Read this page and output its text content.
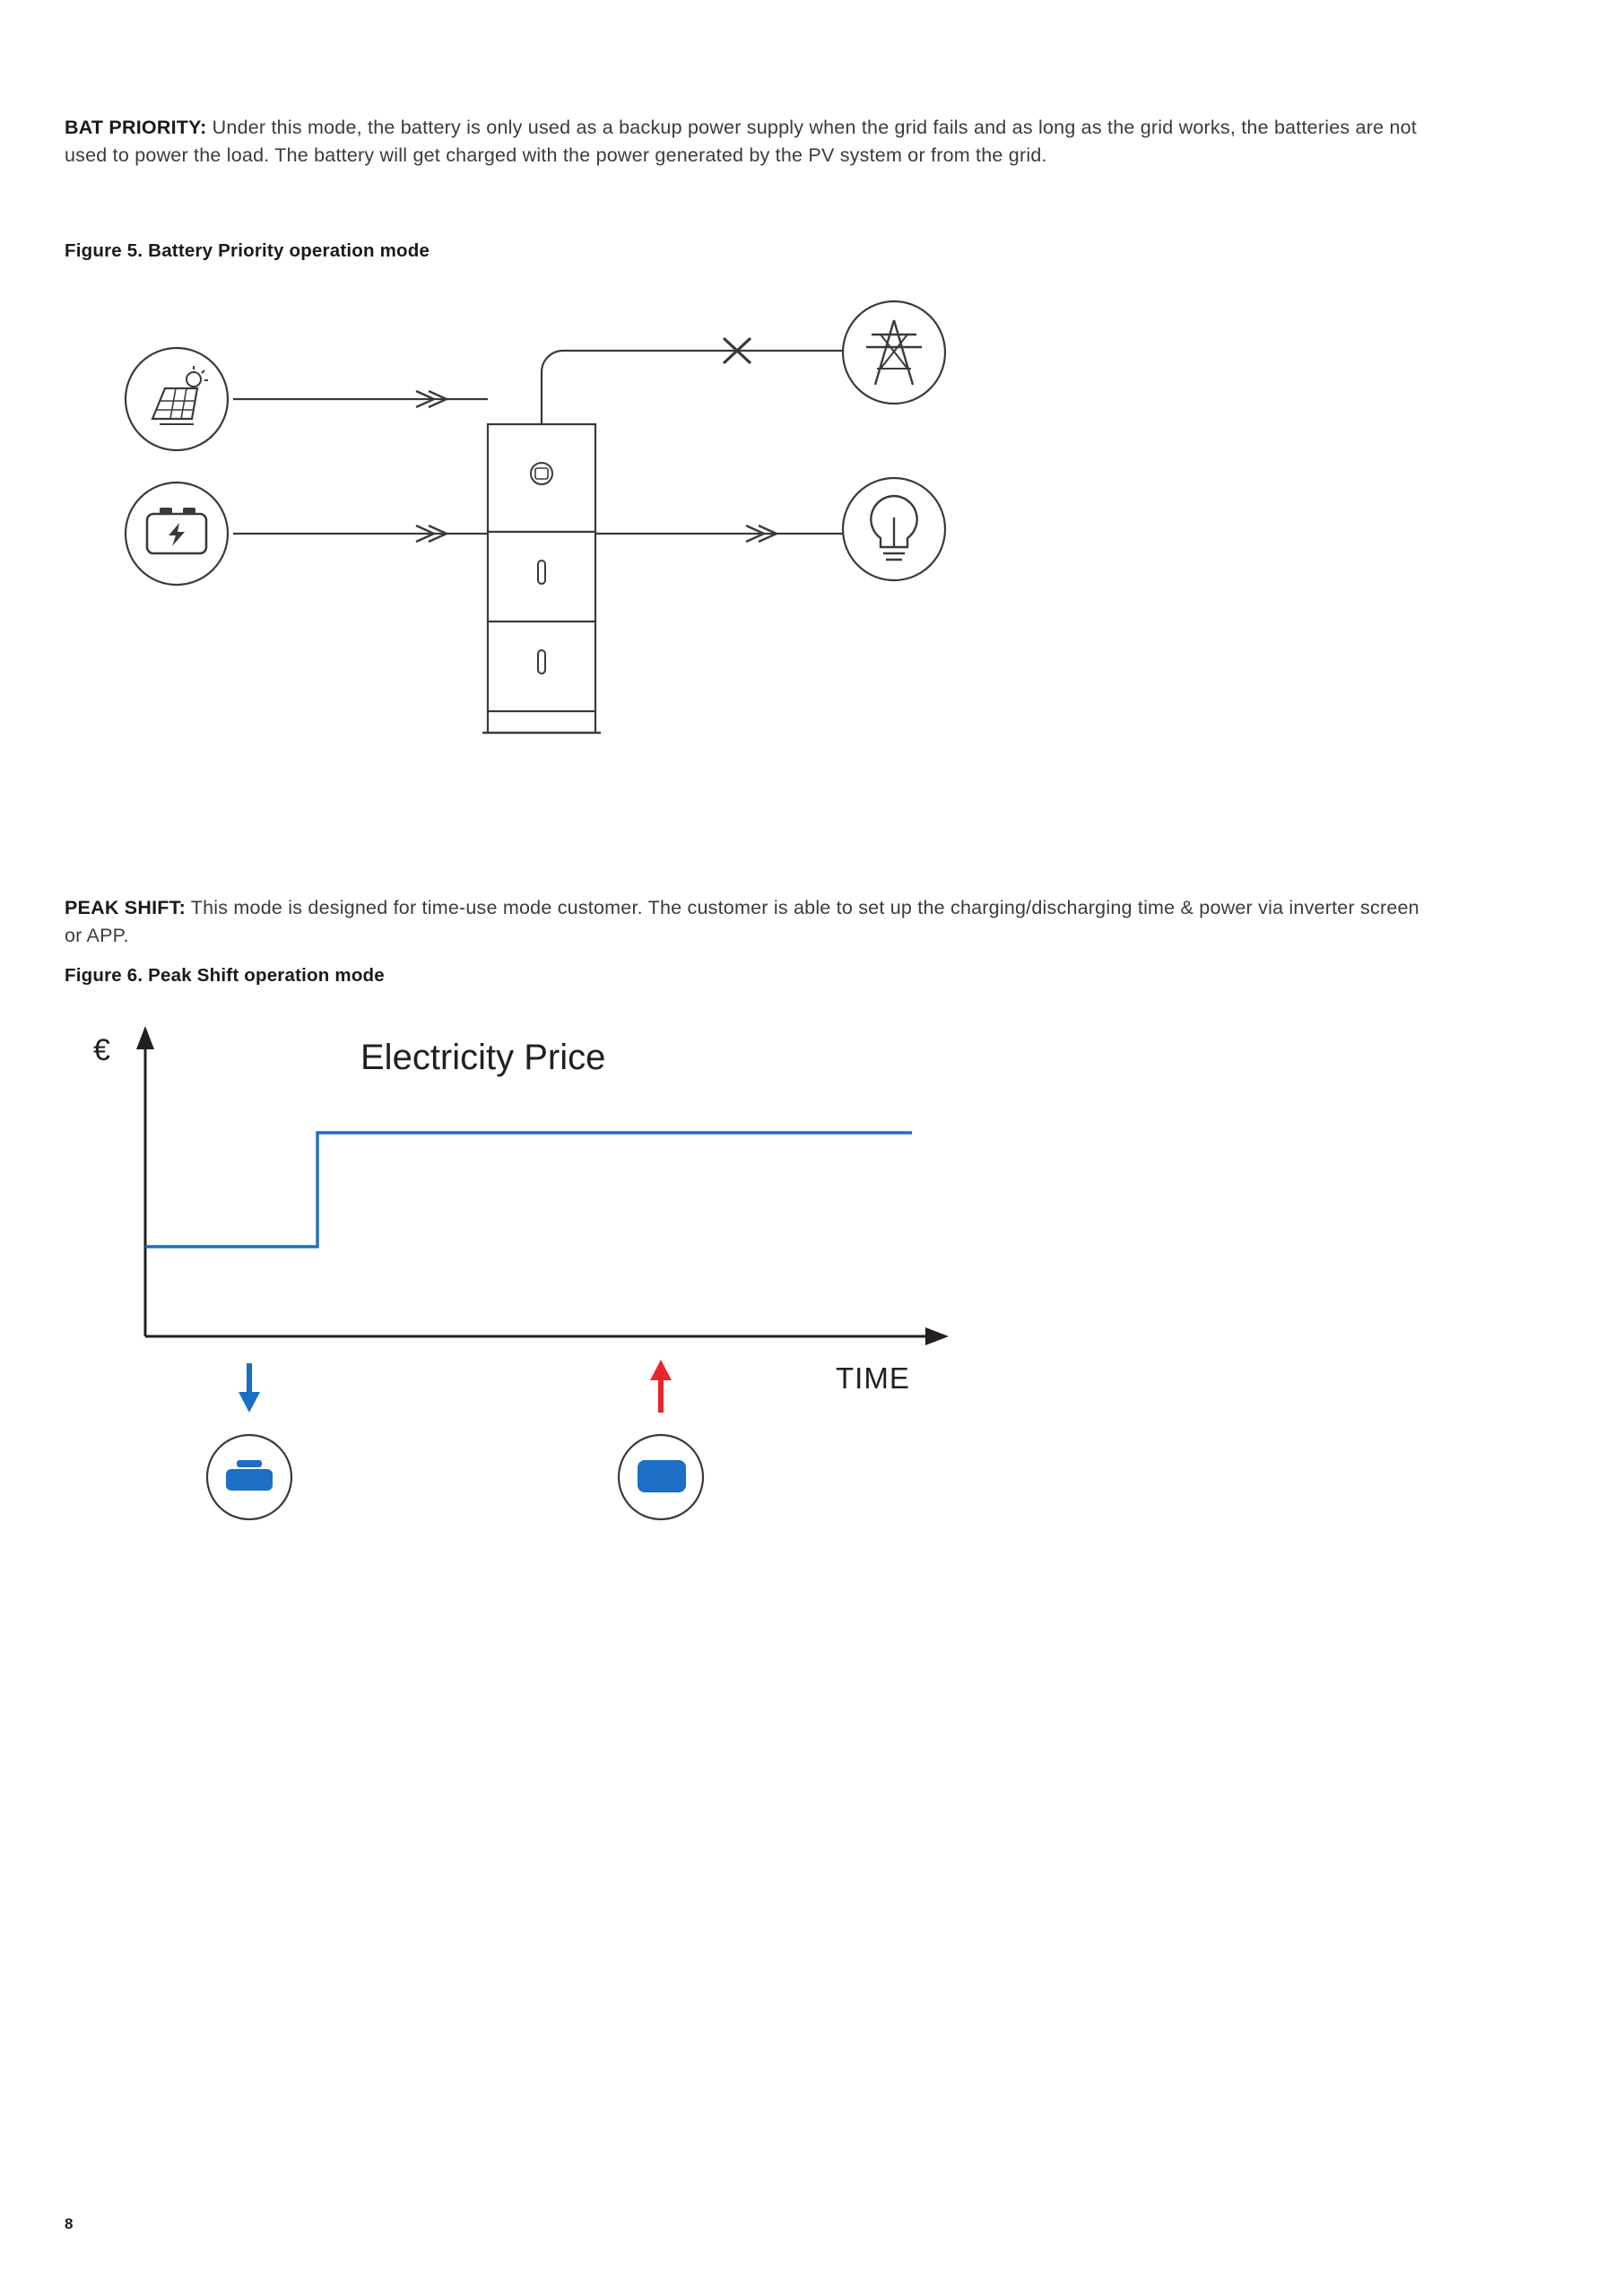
BAT PRIORITY: Under this mode, the battery is only used as a backup power supply when the grid fails and as long as the grid works, the batteries are not used to power the load. The battery will get charged with the power generated by the PV system or from the grid.

Figure 5. Battery Priority operation mode

PEAK SHIFT: This mode is designed for time-use mode customer. The customer is able to set up the charging/discharging time & power via inverter screen or APP.

Figure 6. Peak Shift operation mode
€
TIME
Electricity Price
8
